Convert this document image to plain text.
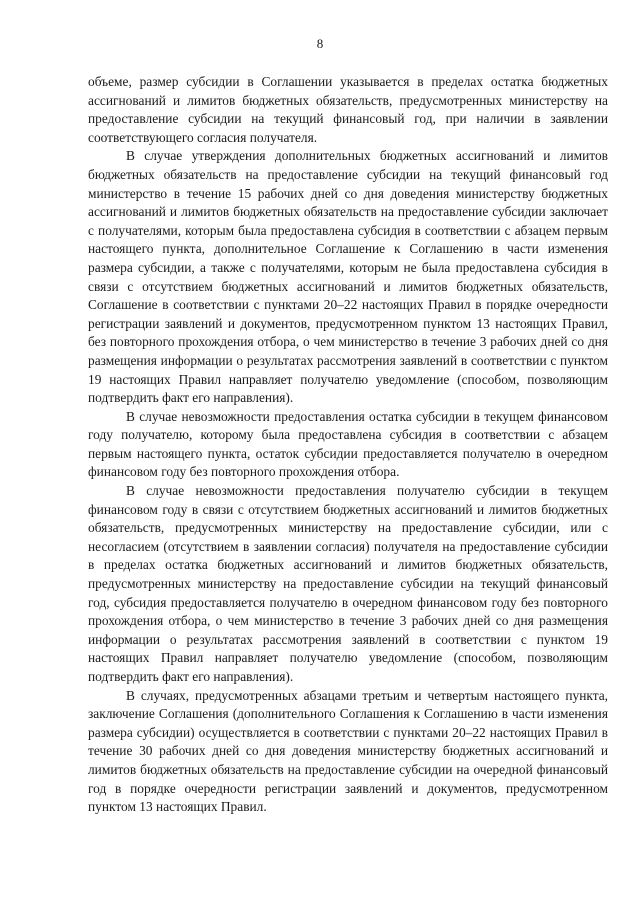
8

объеме, размер субсидии в Соглашении указывается в пределах остатка бюджетных ассигнований и лимитов бюджетных обязательств, предусмотренных министерству на предоставление субсидии на текущий финансовый год, при наличии в заявлении соответствующего согласия получателя.

В случае утверждения дополнительных бюджетных ассигнований и лимитов бюджетных обязательств на предоставление субсидии на текущий финансовый год министерство в течение 15 рабочих дней со дня доведения министерству бюджетных ассигнований и лимитов бюджетных обязательств на предоставление субсидии заключает с получателями, которым была предоставлена субсидия в соответствии с абзацем первым настоящего пункта, дополнительное Соглашение к Соглашению в части изменения размера субсидии, а также с получателями, которым не была предоставлена субсидия в связи с отсутствием бюджетных ассигнований и лимитов бюджетных обязательств, Соглашение в соответствии с пунктами 20–22 настоящих Правил в порядке очередности регистрации заявлений и документов, предусмотренном пунктом 13 настоящих Правил, без повторного прохождения отбора, о чем министерство в течение 3 рабочих дней со дня размещения информации о результатах рассмотрения заявлений в соответствии с пунктом 19 настоящих Правил направляет получателю уведомление (способом, позволяющим подтвердить факт его направления).

В случае невозможности предоставления остатка субсидии в текущем финансовом году получателю, которому была предоставлена субсидия в соответствии с абзацем первым настоящего пункта, остаток субсидии предоставляется получателю в очередном финансовом году без повторного прохождения отбора.

В случае невозможности предоставления получателю субсидии в текущем финансовом году в связи с отсутствием бюджетных ассигнований и лимитов бюджетных обязательств, предусмотренных министерству на предоставление субсидии, или с несогласием (отсутствием в заявлении согласия) получателя на предоставление субсидии в пределах остатка бюджетных ассигнований и лимитов бюджетных обязательств, предусмотренных министерству на предоставление субсидии на текущий финансовый год, субсидия предоставляется получателю в очередном финансовом году без повторного прохождения отбора, о чем министерство в течение 3 рабочих дней со дня размещения информации о результатах рассмотрения заявлений в соответствии с пунктом 19 настоящих Правил направляет получателю уведомление (способом, позволяющим подтвердить факт его направления).

В случаях, предусмотренных абзацами третьим и четвертым настоящего пункта, заключение Соглашения (дополнительного Соглашения к Соглашению в части изменения размера субсидии) осуществляется в соответствии с пунктами 20–22 настоящих Правил в течение 30 рабочих дней со дня доведения министерству бюджетных ассигнований и лимитов бюджетных обязательств на предоставление субсидии на очередной финансовый год в порядке очередности регистрации заявлений и документов, предусмотренном пунктом 13 настоящих Правил.
